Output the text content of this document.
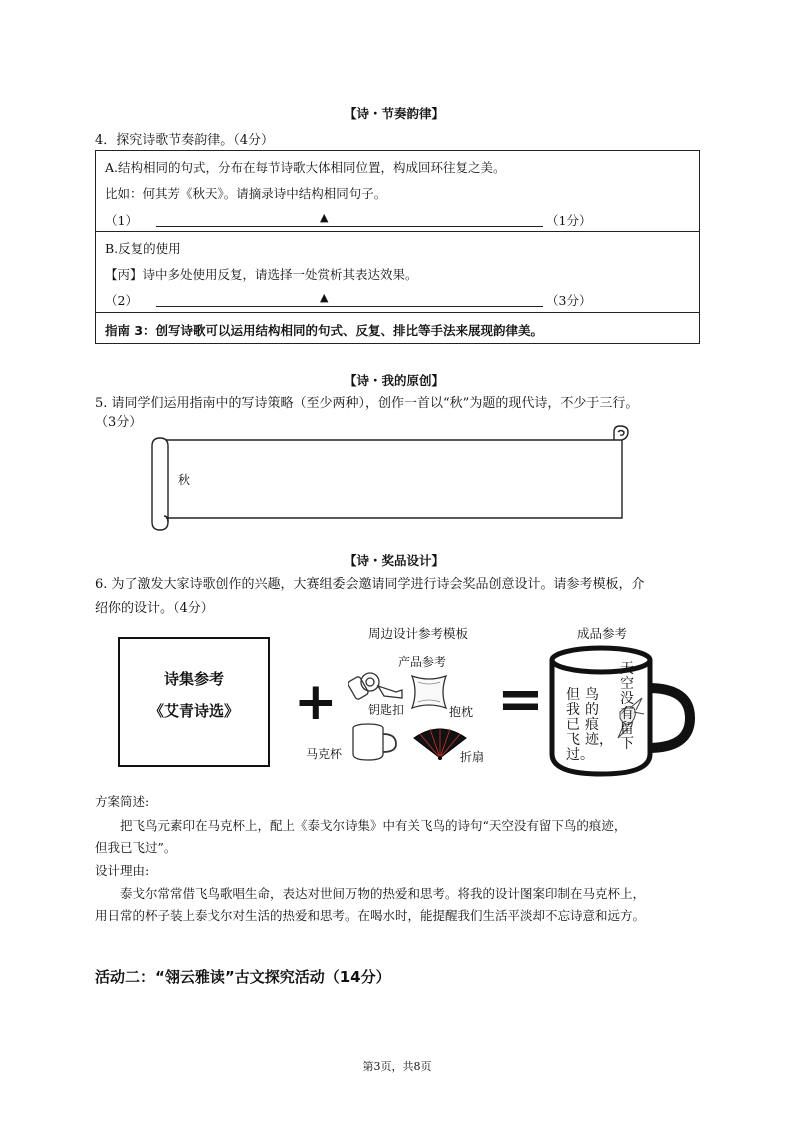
【诗・节奏韵律】
4．探究诗歌节奏韵律。（4分）
A.结构相同的句式，分布在每节诗歌大体相同位置，构成回环往复之美。
比如：何其芳《秋天》。请摘录诗中结构相同句子。
（1）	▲	（1分）
B.反复的使用
【丙】诗中多处使用反复，请选择一处赏析其表达效果。
（2）	▲	（3分）
指南 3：创写诗歌可以运用结构相同的句式、反复、排比等手法来展现韵律美。
【诗・我的原创】
5. 请同学们运用指南中的写诗策略（至少两种），创作一首以“秋”为题的现代诗，不少于三行。
（3分）
秋
【诗・奖品设计】
6. 为了激发大家诗歌创作的兴趣，大赛组委会邀请同学进行诗会奖品创意设计。请参考模板，介
绍你的设计。（4分）
诗集参考
《艾青诗选》	+
周边设计参考模板
产品参考
钥匙扣	抱枕
马克杯	折扇
=
成品参考
天空没有留下
鸟的痕迹，
但我已飞过。
方案简述:
把飞鸟元素印在马克杯上，配上《泰戈尔诗集》中有关飞鸟的诗句“天空没有留下鸟的痕迹，
但我已飞过”。
设计理由:
泰戈尔常常借飞鸟歌唱生命，表达对世间万物的热爱和思考。将我的设计图案印制在马克杯上，
用日常的杯子装上泰戈尔对生活的热爱和思考。在喝水时，能提醒我们生活平淡却不忘诗意和远方。
活动二：“翎云雅读”古文探究活动（14分）
第3页，共8页
